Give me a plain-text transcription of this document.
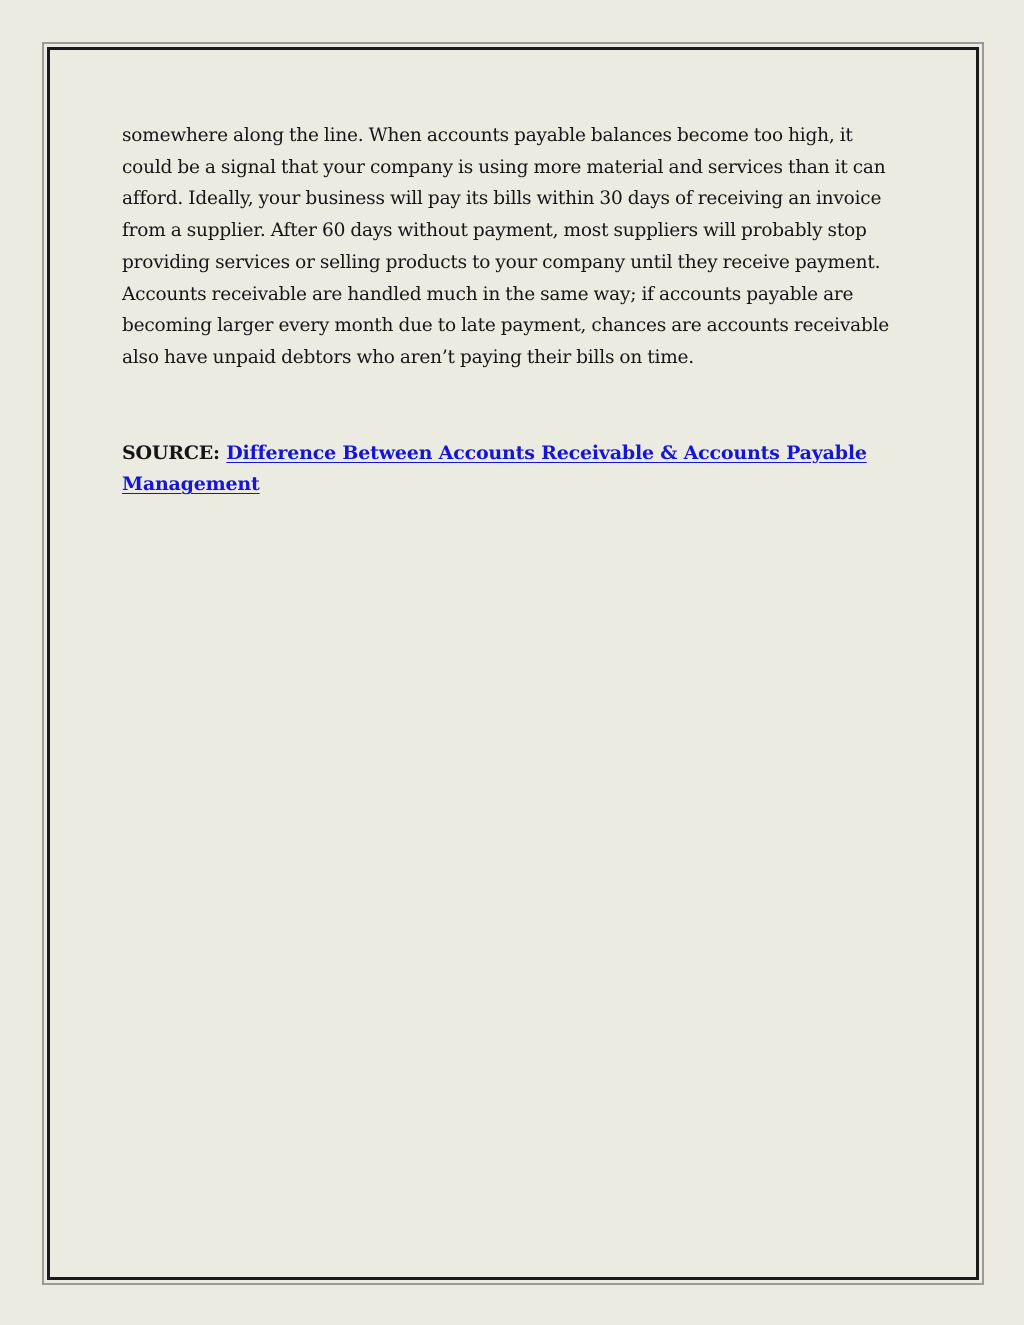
somewhere along the line. When accounts payable balances become too high, it could be a signal that your company is using more material and services than it can afford. Ideally, your business will pay its bills within 30 days of receiving an invoice from a supplier. After 60 days without payment, most suppliers will probably stop providing services or selling products to your company until they receive payment. Accounts receivable are handled much in the same way; if accounts payable are becoming larger every month due to late payment, chances are accounts receivable also have unpaid debtors who aren’t paying their bills on time.

SOURCE: Difference Between Accounts Receivable & Accounts Payable Management
